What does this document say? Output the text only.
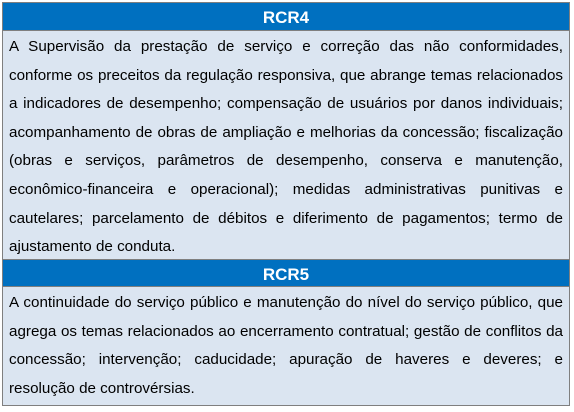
RCR4
A Supervisão da prestação de serviço e correção das não conformidades, conforme os preceitos da regulação responsiva, que abrange temas relacionados a indicadores de desempenho; compensação de usuários por danos individuais; acompanhamento de obras de ampliação e melhorias da concessão; fiscalização (obras e serviços, parâmetros de desempenho, conserva e manutenção, econômico-financeira e operacional); medidas administrativas punitivas e cautelares; parcelamento de débitos e diferimento de pagamentos; termo de ajustamento de conduta.
RCR5
A continuidade do serviço público e manutenção do nível do serviço público, que agrega os temas relacionados ao encerramento contratual; gestão de conflitos da concessão; intervenção; caducidade; apuração de haveres e deveres; e resolução de controvérsias.
